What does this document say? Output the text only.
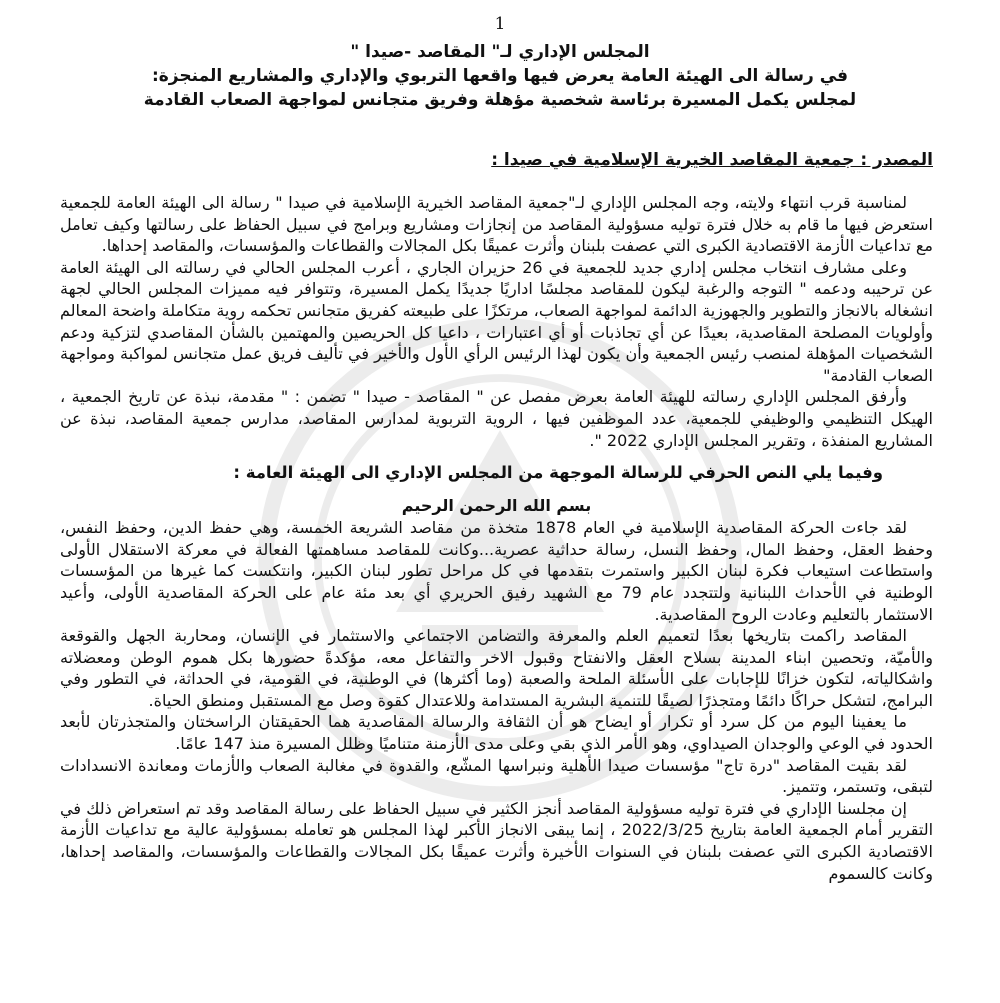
1
المجلس الإداري لـ" المقاصد -صيدا "
في رسالة الى الهيئة العامة يعرض فيها واقعها التربوي والإداري والمشاريع المنجزة:
لمجلس يكمل المسيرة برئاسة شخصية مؤهلة وفريق متجانس لمواجهة الصعاب القادمة
المصدر : جمعية المقاصد الخيرية الإسلامية في صيدا :

لمناسبة قرب انتهاء ولايته، وجه المجلس الإداري لـ"جمعية المقاصد الخيرية الإسلامية في صيدا " رسالة الى الهيئة العامة للجمعية استعرض فيها ما قام به خلال فترة توليه مسؤولية المقاصد من إنجازات ومشاريع وبرامج في سبيل الحفاظ على رسالتها وكيف تعامل مع تداعيات الأزمة الاقتصادية الكبرى التي عصفت بلبنان وأثرت عميقًا بكل المجالات والقطاعات والمؤسسات، والمقاصد إحداها.

وعلى مشارف انتخاب مجلس إداري جديد للجمعية في 26 حزيران الجاري ، أعرب المجلس الحالي في رسالته الى الهيئة العامة عن ترحيبه ودعمه " التوجه والرغبة ليكون للمقاصد مجلسًا اداريًا جديدًا يكمل المسيرة، وتتوافر فيه مميزات المجلس الحالي لجهة انشغاله بالانجاز والتطوير والجهوزية الدائمة لمواجهة الصعاب، مرتكزًا على طبيعته كفريق متجانس تحكمه روية متكاملة واضحة المعالم وأولويات المصلحة المقاصدية، بعيدًا عن أي تجاذبات أو أي اعتبارات ، داعيا كل الحريصين والمهتمين بالشأن المقاصدي لتزكية ودعم الشخصيات المؤهلة لمنصب رئيس الجمعية وأن يكون لهذا الرئيس الرأي الأول والأخير في تأليف فريق عمل متجانس لمواكبة ومواجهة الصعاب القادمة"

وأرفق المجلس الإداري رسالته للهيئة العامة بعرض مفصل عن " المقاصد - صيدا " تضمن : " مقدمة، نبذة عن تاريخ الجمعية ، الهيكل التنظيمي والوظيفي للجمعية، عدد الموظفين فيها ، الروية التربوية لمدارس المقاصد، مدارس جمعية المقاصد، نبذة عن المشاريع المنفذة ، وتقرير المجلس الإداري 2022 ".

وفيما يلي النص الحرفي للرسالة الموجهة من المجلس الإداري الى الهيئة العامة :
بسم الله الرحمن الرحيم

لقد جاءت الحركة المقاصدية الإسلامية في العام 1878 متخذة من مقاصد الشريعة الخمسة، وهي حفظ الدين، وحفظ النفس، وحفظ العقل، وحفظ المال، وحفظ النسل، رسالة حداثية عصرية...وكانت للمقاصد مساهمتها الفعالة في معركة الاستقلال الأولى واستطاعت استيعاب فكرة لبنان الكبير واستمرت بتقدمها في كل مراحل تطور لبنان الكبير، وانتكست كما غيرها من المؤسسات الوطنية في الأحداث اللبنانية ولتتجدد عام 79 مع الشهيد رفيق الحريري أي بعد مئة عام على الحركة المقاصدية الأولى، وأعيد الاستثمار بالتعليم وعادت الروح المقاصدية.

المقاصد راكمت بتاريخها بعدًا لتعميم العلم والمعرفة والتضامن الاجتماعي والاستثمار في الإنسان، ومحاربة الجهل والقوقعة والأميّة، وتحصين ابناء المدينة بسلاح العقل والانفتاح وقبول الاخر والتفاعل معه، مؤكدةً حضورها بكل هموم الوطن ومعضلاته واشكالياته، لتكون خزانًا للإجابات على الأسئلة الملحة والصعبة (وما أكثرها) في الوطنية، في القومية، في الحداثة، في التطور وفي البرامج، لتشكل حراكًا دائمًا ومتجذرًا لصيقًا للتنمية البشرية المستدامة وللاعتدال كقوة وصل مع المستقبل ومنطق الحياة.

ما يعفينا اليوم من كل سرد أو تكرار أو ايضاح هو أن الثقافة والرسالة المقاصدية هما الحقيقتان الراسختان والمتجذرتان لأبعد الحدود في الوعي والوجدان الصيداوي، وهو الأمر الذي بقي وعلى مدى الأزمنة متناميًا وظلل المسيرة منذ 147 عامًا.

لقد بقيت المقاصد "درة تاج" مؤسسات صيدا الأهلية ونبراسها المشّع، والقدوة في مغالبة الصعاب والأزمات ومعاندة الانسدادات لتبقى، وتستمر، وتتميز.

إن مجلسنا الإداري في فترة توليه مسؤولية المقاصد أنجز الكثير في سبيل الحفاظ على رسالة المقاصد وقد تم استعراض ذلك في التقرير أمام الجمعية العامة بتاريخ 2022/3/25 ، إنما يبقى الانجاز الأكبر لهذا المجلس هو تعامله بمسؤولية عالية مع تداعيات الأزمة الاقتصادية الكبرى التي عصفت بلبنان في السنوات الأخيرة وأثرت عميقًا بكل المجالات والقطاعات والمؤسسات، والمقاصد إحداها، وكانت كالسموم
